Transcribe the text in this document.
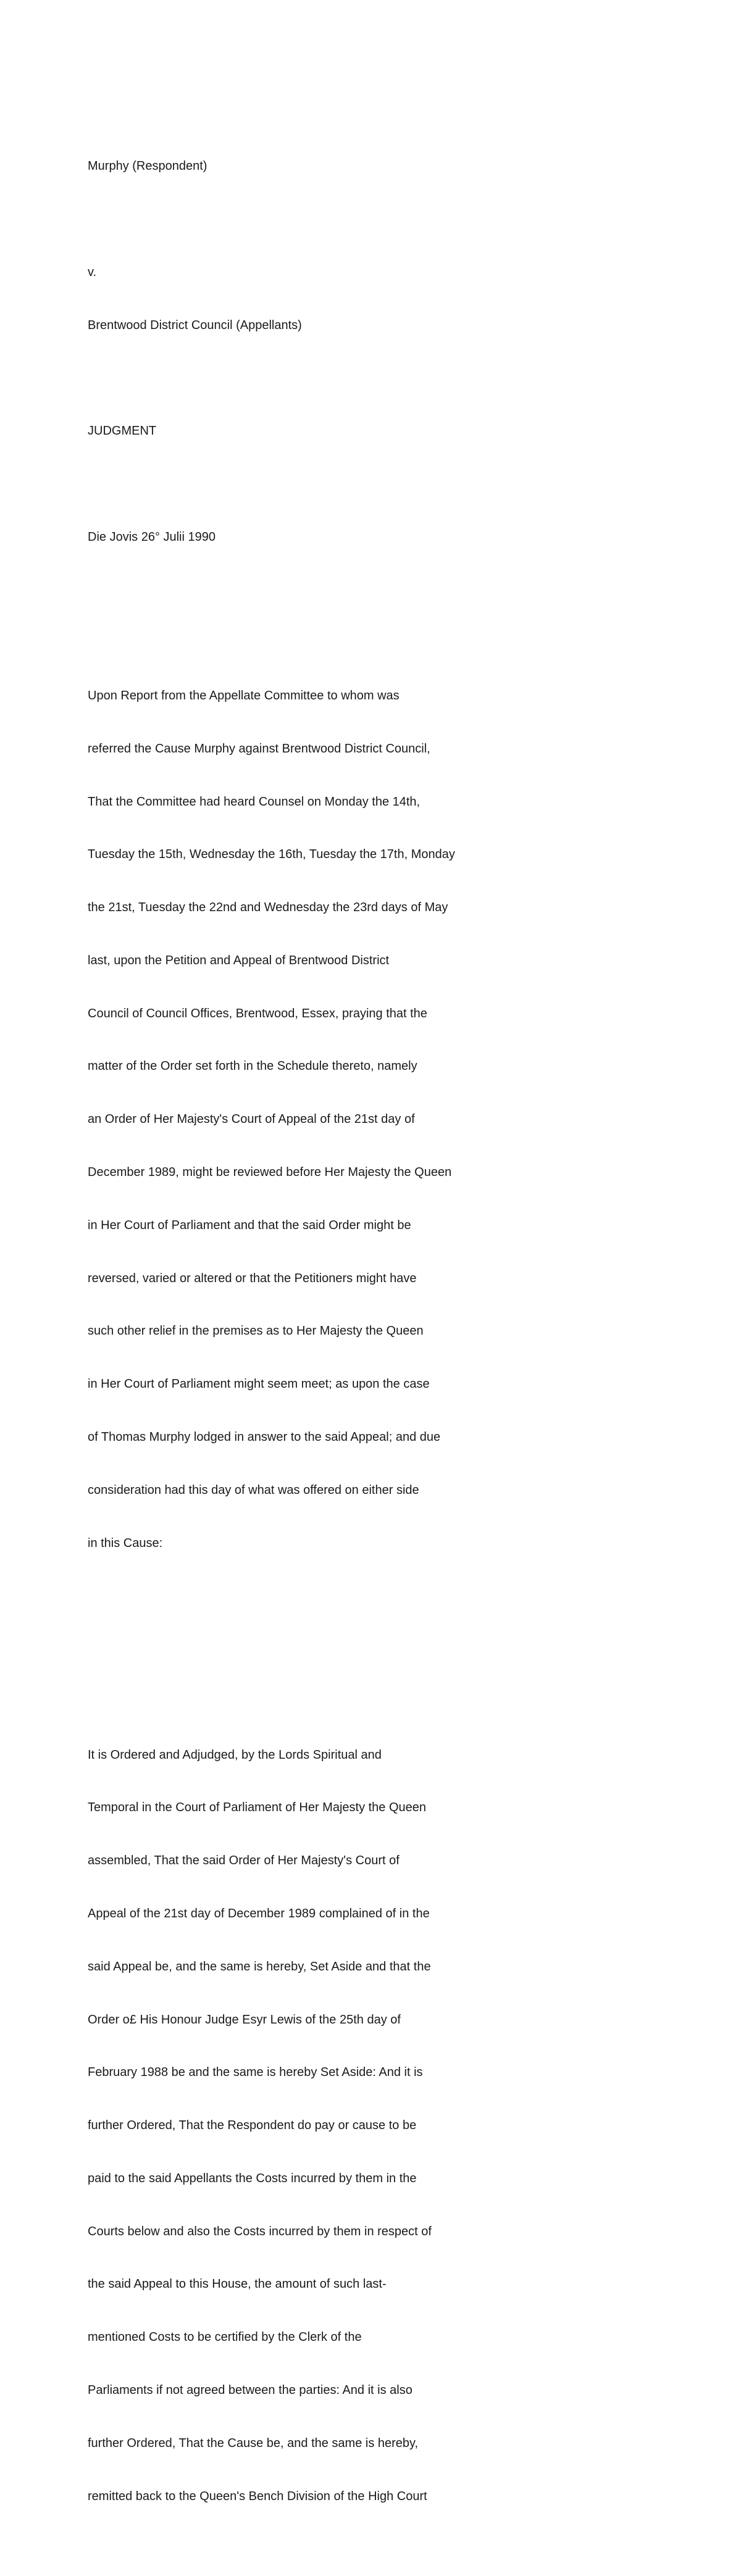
Murphy (Respondent)

v.

Brentwood District Council (Appellants)

JUDGMENT

Die Jovis 26° Julii 1990

Upon Report from the Appellate Committee to whom was

referred the Cause Murphy against Brentwood District Council,

That the Committee had heard Counsel on Monday the 14th,

Tuesday the 15th, Wednesday the 16th, Tuesday the 17th, Monday

the 21st, Tuesday the 22nd and Wednesday the 23rd days of May

last, upon the Petition and Appeal of Brentwood District

Council of Council Offices, Brentwood, Essex, praying that the

matter of the Order set forth in the Schedule thereto, namely

an Order of Her Majesty's Court of Appeal of the 21st day of

December 1989, might be reviewed before Her Majesty the Queen

in Her Court of Parliament and that the said Order might be

reversed, varied or altered or that the Petitioners might have

such other relief in the premises as to Her Majesty the Queen

in Her Court of Parliament might seem meet; as upon the case

of Thomas Murphy lodged in answer to the said Appeal; and due

consideration had this day of what was offered on either side

in this Cause:

It is Ordered and Adjudged, by the Lords Spiritual and

Temporal in the Court of Parliament of Her Majesty the Queen

assembled, That the said Order of Her Majesty's Court of

Appeal of the 21st day of December 1989 complained of in the

said Appeal be, and the same is hereby, Set Aside and that the

Order o£ His Honour Judge Esyr Lewis of the 25th day of

February 1988 be and the same is hereby Set Aside: And it is

further Ordered, That the Respondent do pay or cause to be

paid to the said Appellants the Costs incurred by them in the

Courts below and also the Costs incurred by them in respect of

the said Appeal to this House, the amount of such last-

mentioned Costs to be certified by the Clerk of the

Parliaments if not agreed between the parties: And it is also

further Ordered, That the Cause be, and the same is hereby,

remitted back to the Queen's Bench Division of the High Court
